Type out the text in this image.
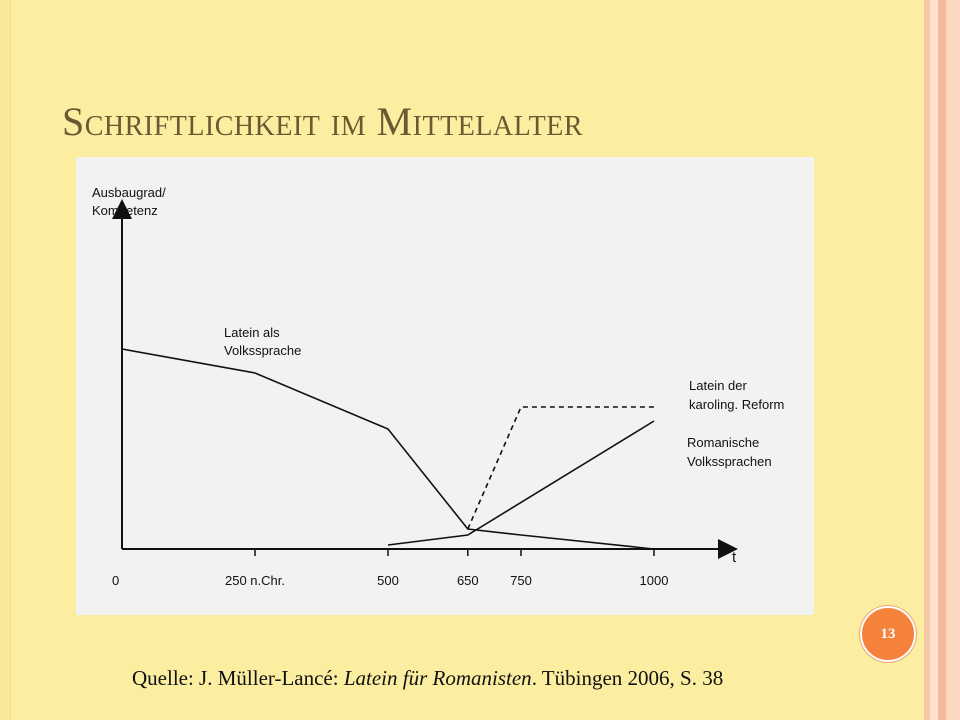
Schriftlichkeit im Mittelalter
Ausbaugrad/
Kompetenz
t
0	250 n.Chr.	500	650 750	1000
Latein als
Volkssprache
Latein der
karoling. Reform
Romanische
Volkssprachen
13
Quelle: J. Müller-Lancé: Latein für Romanisten. Tübingen 2006, S. 38
